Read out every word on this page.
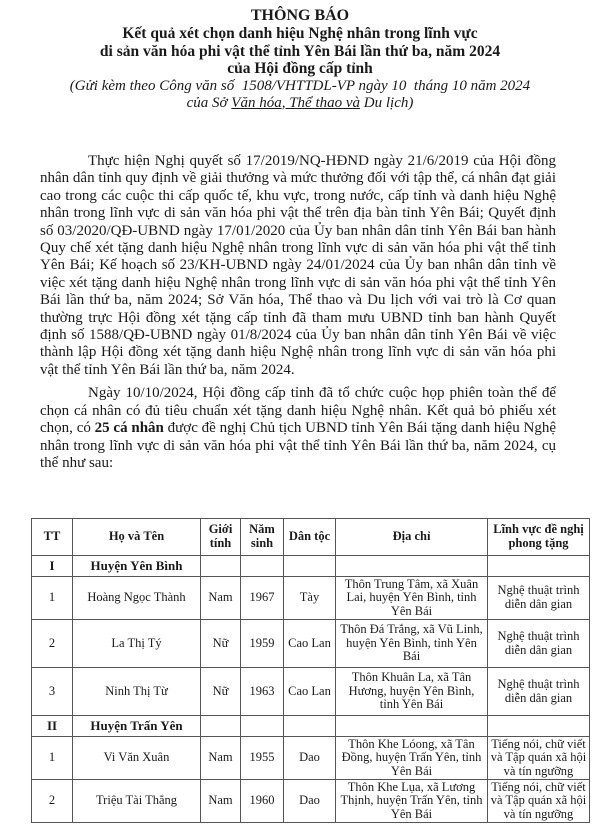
THÔNG BÁO
Kết quả xét chọn danh hiệu Nghệ nhân trong lĩnh vực
di sản văn hóa phi vật thể tỉnh Yên Bái lần thứ ba, năm 2024
của Hội đồng cấp tỉnh
(Gửi kèm theo Công văn số  1508/VHTTDL-VP ngày 10  tháng 10 năm 2024
của Sở Văn hóa, Thể thao và Du lịch)

Thực hiện Nghị quyết số 17/2019/NQ-HĐND ngày 21/6/2019 của Hội đồng nhân dân tỉnh quy định về giải thưởng và mức thưởng đối với tập thể, cá nhân đạt giải cao trong các cuộc thi cấp quốc tế, khu vực, trong nước, cấp tỉnh và danh hiệu Nghệ nhân trong lĩnh vực di sản văn hóa phi vật thể trên địa bàn tỉnh Yên Bái; Quyết định số 03/2020/QĐ-UBND ngày 17/01/2020 của Ủy ban nhân dân tỉnh Yên Bái ban hành Quy chế xét tặng danh hiệu Nghệ nhân trong lĩnh vực di sản văn hóa phi vật thể tỉnh Yên Bái; Kế hoạch số 23/KH-UBND ngày 24/01/2024 của Ủy ban nhân dân tỉnh về việc xét tặng danh hiệu Nghệ nhân trong lĩnh vực di sản văn hóa phi vật thể tỉnh Yên Bái lần thứ ba, năm 2024; Sở Văn hóa, Thể thao và Du lịch với vai trò là Cơ quan thường trực Hội đồng xét tặng cấp tỉnh đã tham mưu UBND tỉnh ban hành Quyết định số 1588/QĐ-UBND ngày 01/8/2024 của Ủy ban nhân dân tỉnh Yên Bái về việc thành lập Hội đồng xét tặng danh hiệu Nghệ nhân trong lĩnh vực di sản văn hóa phi vật thể tỉnh Yên Bái lần thứ ba, năm 2024.

Ngày 10/10/2024, Hội đồng cấp tỉnh đã tổ chức cuộc họp phiên toàn thể để chọn cá nhân có đủ tiêu chuẩn xét tặng danh hiệu Nghệ nhân. Kết quả bỏ phiếu xét chọn, có 25 cá nhân được đề nghị Chủ tịch UBND tỉnh Yên Bái tặng danh hiệu Nghệ nhân trong lĩnh vực di sản văn hóa phi vật thể tỉnh Yên Bái lần thứ ba, năm 2024, cụ thể như sau:

TT	Họ và Tên	Giới tính	Năm sinh	Dân tộc	Địa chỉ	Lĩnh vực đề nghị phong tặng
I	Huyện Yên Bình					
1	Hoàng Ngọc Thành	Nam	1967	Tày	Thôn Trung Tâm, xã Xuân Lai, huyện Yên Bình, tỉnh Yên Bái	Nghệ thuật trình diễn dân gian
2	La Thị Tý	Nữ	1959	Cao Lan	Thôn Đá Trắng, xã Vũ Linh, huyện Yên Bình, tỉnh Yên Bái	Nghệ thuật trình diễn dân gian
3	Ninh Thị Từ	Nữ	1963	Cao Lan	Thôn Khuân La, xã Tân Hương, huyện Yên Bình, tỉnh Yên Bái	Nghệ thuật trình diễn dân gian
II	Huyện Trấn Yên					
1	Vi Văn Xuân	Nam	1955	Dao	Thôn Khe Lóong, xã Tân Đồng, huyện Trấn Yên, tỉnh Yên Bái	Tiếng nói, chữ viết và Tập quán xã hội và tín ngưỡng
2	Triệu Tài Thắng	Nam	1960	Dao	Thôn Khe Lụa, xã Lương Thịnh, huyện Trấn Yên, tỉnh Yên Bái	Tiếng nói, chữ viết và Tập quán xã hội và tín ngưỡng
